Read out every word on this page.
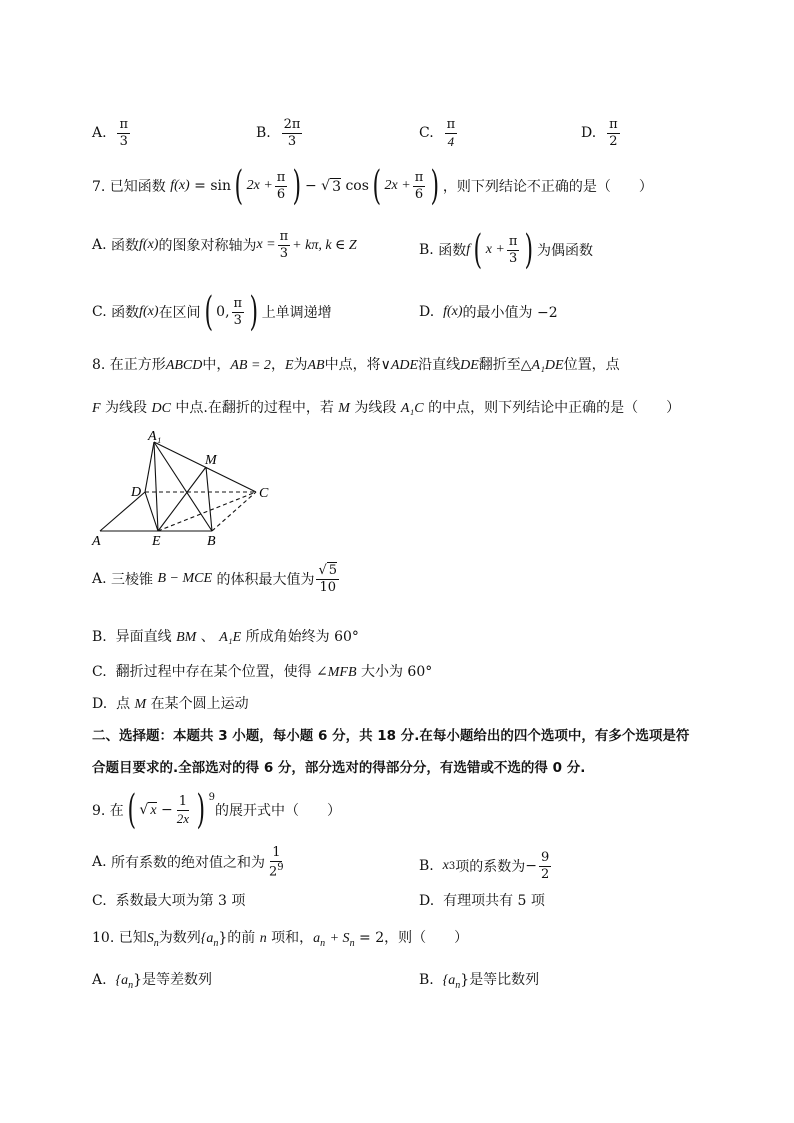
A.
$\frac{\pi}{3}$	B.
$\frac{2\pi}{3}$	C.
$\frac{\pi}{4}$	D.
$\frac{\pi}{2}$
7. 已知函数
f(x)
= sin ( $2x + \frac{\pi}{6}$ ) − √ 3
cos ( $2x + \frac{\pi}{6}$ ) ，则下列结论不正确的是（　　）
A.
函数 f(x) 的图象对称轴为 $x = \frac{\pi}{3} + k\pi$, k ∈ Z	B.
函数 f ( $x + \frac{\pi}{3}$ ) 为偶函数
C.
函数 f(x) 在区间 ( 0, $\frac{\pi}{3}$ ) 上单调递增	D.
f(x) 的最小值为 −2
8. 在正方形ABCD中，AB = 2，E为AB中点，将∨ADE沿直线DE翻折至△A₁DE位置，点
F 为线段 DC 中点.在翻折的过程中，若 M 为线段 A₁C 的中点，则下列结论中正确的是（　　）
A₁
M
D	C
A	E	B
A.
三棱锥
B − MCE
的体积最大值为 $\frac{√ 5}{10}$
B. 异面直线 BM 、 A₁E 所成角始终为 60°
C. 翻折过程中存在某个位置，使得 ∠MFB 大小为 60°
D. 点 M 在某个圆上运动
二、选择题：本题共 3 小题，每小题 6 分，共 18 分.在每小题给出的四个选项中，有多个选项是符
合题目要求的.全部选对的得 6 分，部分选对的得部分分，有选错或不选的得 0 分.
9. 在 ( √ x
− $\frac{1}{2x}$ ) $^9$
的展开式中（　　）
A.
所有系数的绝对值之和为 $\frac{1}{2^9}$	B.
x 3 项的系数为 − $\frac{9}{2}$
C. 系数最大项为第 3 项	D. 有理项共有 5 项
10. 已知$S_n$为数列$\{a_n\}$的前 n 项和，$a_n + S_n = 2$，则（　　）
A. $\{a_n\}$是等差数列	B. $\{a_n\}$是等比数列
